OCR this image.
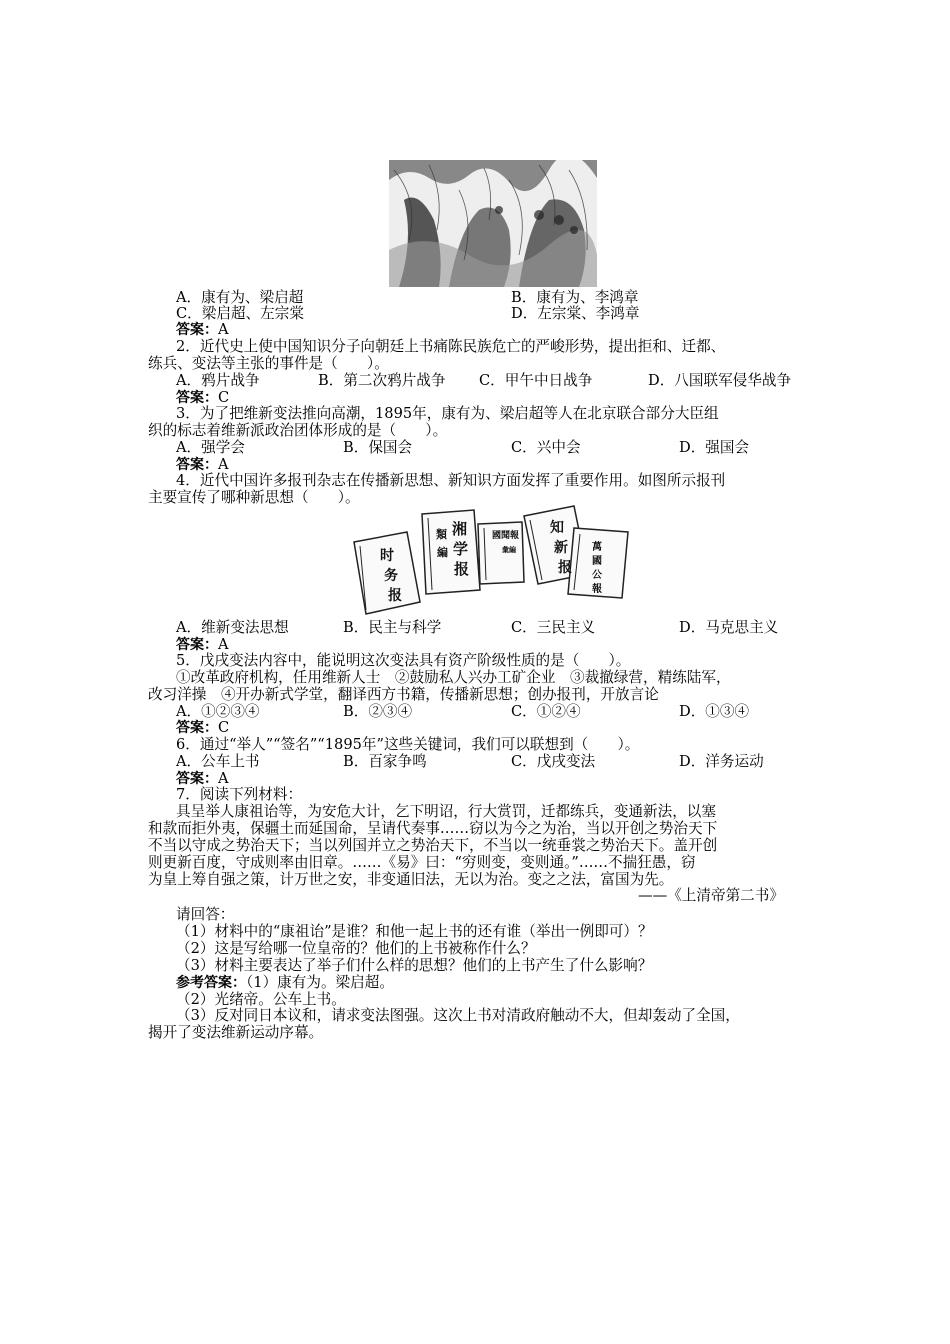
A．康有为、梁启超	B．康有为、李鸿章
C．梁启超、左宗棠	D．左宗棠、李鸿章
答案：A
2．近代史上使中国知识分子向朝廷上书痛陈民族危亡的严峻形势，提出拒和、迁都、
练兵、变法等主张的事件是（　　）。
A．鸦片战争	B．第二次鸦片战争 C．甲午中日战争	D．八国联军侵华战争
答案：C
3．为了把维新变法推向高潮，1895年，康有为、梁启超等人在北京联合部分大臣组
织的标志着维新派政治团体形成的是（　　）。
A．强学会	B．保国会	C．兴中会	D．强国会
答案：A
4．近代中国许多报刊杂志在传播新思想、新知识方面发挥了重要作用。如图所示报刊
主要宣传了哪种新思想（　　）。
时
务
报
湘
学
报
類
編
國聞報
彙編
知
新
报
萬
國
公
報
A．维新变法思想	B．民主与科学	C．三民主义	D．马克思主义
答案：A
5．戊戌变法内容中，能说明这次变法具有资产阶级性质的是（　　）。
①改革政府机构，任用维新人士　②鼓励私人兴办工矿企业　③裁撤绿营，精练陆军，
改习洋操　④开办新式学堂，翻译西方书籍，传播新思想；创办报刊，开放言论
A．①②③④	B．②③④	C．①②④	D．①③④
答案：C
6．通过“举人”“签名”“1895年”这些关键词，我们可以联想到（　　）。
A．公车上书	B．百家争鸣	C．戊戌变法	D．洋务运动
答案：A
7．阅读下列材料：
具呈举人康祖诒等，为安危大计，乞下明诏，行大赏罚，迁都练兵，变通新法，以塞
和款而拒外夷，保疆土而延国命，呈请代奏事……窃以为今之为治，当以开创之势治天下
不当以守成之势治天下；当以列国并立之势治天下，不当以一统垂裳之势治天下。盖开创
则更新百度，守成则率由旧章。……《易》曰：“穷则变，变则通。”……不揣狂愚，窃
为皇上筹自强之策，计万世之安，非变通旧法，无以为治。变之之法，富国为先。
——《上清帝第二书》
请回答：
（1）材料中的“康祖诒”是谁？和他一起上书的还有谁（举出一例即可）？
（2）这是写给哪一位皇帝的？他们的上书被称作什么？
（3）材料主要表达了举子们什么样的思想？他们的上书产生了什么影响？
参考答案：（1）康有为。梁启超。
（2）光绪帝。公车上书。
（3）反对同日本议和，请求变法图强。这次上书对清政府触动不大，但却轰动了全国，
揭开了变法维新运动序幕。
